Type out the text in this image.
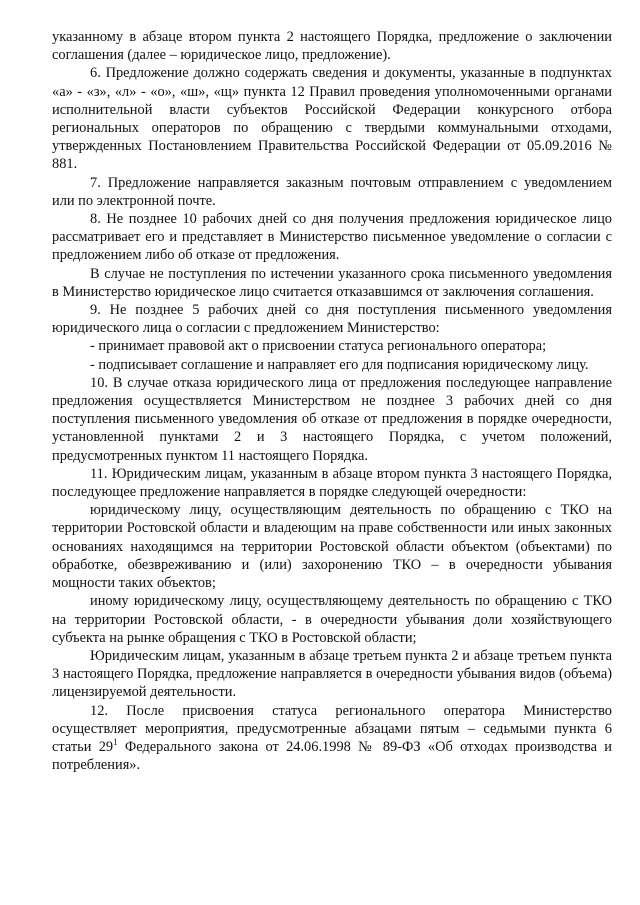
указанному в абзаце втором пункта 2 настоящего Порядка, предложение о заключении соглашения (далее – юридическое лицо, предложение).

6. Предложение должно содержать сведения и документы, указанные в подпунктах «а» - «з», «л» - «о», «ш», «щ» пункта 12 Правил проведения уполномоченными органами исполнительной власти субъектов Российской Федерации конкурсного отбора региональных операторов по обращению с твердыми коммунальными отходами, утвержденных Постановлением Правительства Российской Федерации от 05.09.2016 № 881.

7. Предложение направляется заказным почтовым отправлением с уведомлением или по электронной почте.

8. Не позднее 10 рабочих дней со дня получения предложения юридическое лицо рассматривает его и представляет в Министерство письменное уведомление о согласии с предложением либо об отказе от предложения.

В случае не поступления по истечении указанного срока письменного уведомления в Министерство юридическое лицо считается отказавшимся от заключения соглашения.

9. Не позднее 5 рабочих дней со дня поступления письменного уведомления юридического лица о согласии с предложением Министерство:

- принимает правовой акт о присвоении статуса регионального оператора;

- подписывает соглашение и направляет его для подписания юридическому лицу.

10. В случае отказа юридического лица от предложения последующее направление предложения осуществляется Министерством не позднее 3 рабочих дней со дня поступления письменного уведомления об отказе от предложения в порядке очередности, установленной пунктами 2 и 3 настоящего Порядка, с учетом положений, предусмотренных пунктом 11 настоящего Порядка.

11. Юридическим лицам, указанным в абзаце втором пункта 3 настоящего Порядка, последующее предложение направляется в порядке следующей очередности:

юридическому лицу, осуществляющим деятельность по обращению с ТКО на территории Ростовской области и владеющим на праве собственности или иных законных основаниях находящимся на территории Ростовской области объектом (объектами) по обработке, обезвреживанию и (или) захоронению ТКО – в очередности убывания мощности таких объектов;

иному юридическому лицу, осуществляющему деятельность по обращению с ТКО на территории Ростовской области, - в очередности убывания доли хозяйствующего субъекта на рынке обращения с ТКО в Ростовской области;

Юридическим лицам, указанным в абзаце третьем пункта 2 и абзаце третьем пункта 3 настоящего Порядка, предложение направляется в очередности убывания видов (объема) лицензируемой деятельности.

12. После присвоения статуса регионального оператора Министерство осуществляет мероприятия, предусмотренные абзацами пятым – седьмыми пункта 6 статьи $29^1$ Федерального закона от 24.06.1998 № 89-ФЗ «Об отходах производства и потребления».
